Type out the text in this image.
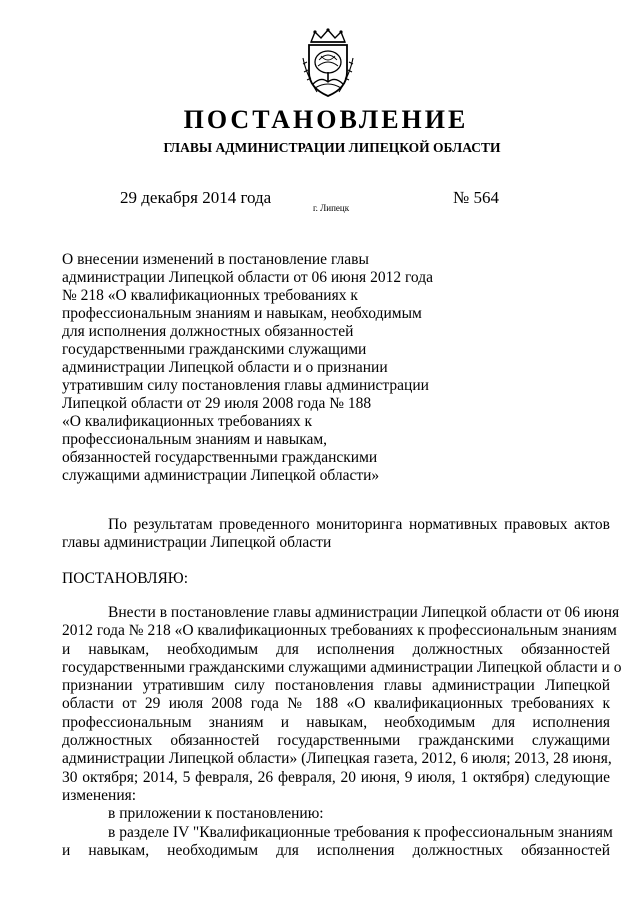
ПОСТАНОВЛЕНИЕ
ГЛАВЫ АДМИНИСТРАЦИИ ЛИПЕЦКОЙ ОБЛАСТИ
29 декабря 2014 года
г. Липецк
№ 564
О внесении изменений в постановление главы
администрации Липецкой области от 06 июня 2012 года
№ 218 «О квалификационных требованиях к
профессиональным знаниям и навыкам, необходимым
для исполнения должностных обязанностей
государственными гражданскими служащими
администрации Липецкой области и о признании
утратившим силу постановления главы администрации
Липецкой области от 29 июля 2008 года № 188
«О квалификационных требованиях к
профессиональным знаниям и навыкам,
обязанностей государственными гражданскими
служащими администрации Липецкой области»
По результатам проведенного мониторинга нормативных правовых актов
главы администрации Липецкой области
ПОСТАНОВЛЯЮ:
Внести в постановление главы администрации Липецкой области от 06 июня
2012 года № 218 «О квалификационных требованиях к профессиональным знаниям
и навыкам, необходимым для исполнения должностных обязанностей
государственными гражданскими служащими администрации Липецкой области и о
признании утратившим силу постановления главы администрации Липецкой
области от 29 июля 2008 года № 188 «О квалификационных требованиях к
профессиональным знаниям и навыкам, необходимым для исполнения
должностных обязанностей государственными гражданскими служащими
администрации Липецкой области» (Липецкая газета, 2012, 6 июля; 2013, 28 июня,
30 октября; 2014, 5 февраля, 26 февраля, 20 июня, 9 июля, 1 октября) следующие
изменения:
в приложении к постановлению:
в разделе IV "Квалификационные требования к профессиональным знаниям
и навыкам, необходимым для исполнения должностных обязанностей
